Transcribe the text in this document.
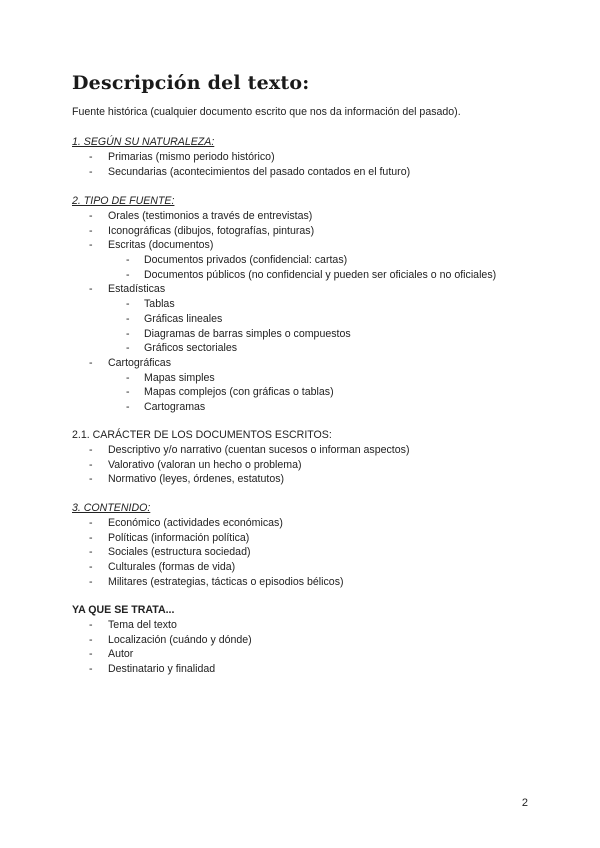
Descripción del texto:
Fuente histórica (cualquier documento escrito que nos da información del pasado).
1. SEGÚN SU NATURALEZA:
- Primarias (mismo periodo histórico)
- Secundarias (acontecimientos del pasado contados en el futuro)
2. TIPO DE FUENTE:
- Orales (testimonios a través de entrevistas)
- Iconográficas (dibujos, fotografías, pinturas)
- Escritas (documentos)
- Documentos privados (confidencial: cartas)
- Documentos públicos (no confidencial y pueden ser oficiales o no oficiales)
- Estadísticas
- Tablas
- Gráficas lineales
- Diagramas de barras simples o compuestos
- Gráficos sectoriales
- Cartográficas
- Mapas simples
- Mapas complejos (con gráficas o tablas)
- Cartogramas
2.1. CARÁCTER DE LOS DOCUMENTOS ESCRITOS:
- Descriptivo y/o narrativo (cuentan sucesos o informan aspectos)
- Valorativo (valoran un hecho o problema)
- Normativo (leyes, órdenes, estatutos)
3. CONTENIDO:
- Económico (actividades económicas)
- Políticas (información política)
- Sociales (estructura sociedad)
- Culturales (formas de vida)
- Militares (estrategias, tácticas o episodios bélicos)
YA QUE SE TRATA...
- Tema del texto
- Localización (cuándo y dónde)
- Autor
- Destinatario y finalidad
2
